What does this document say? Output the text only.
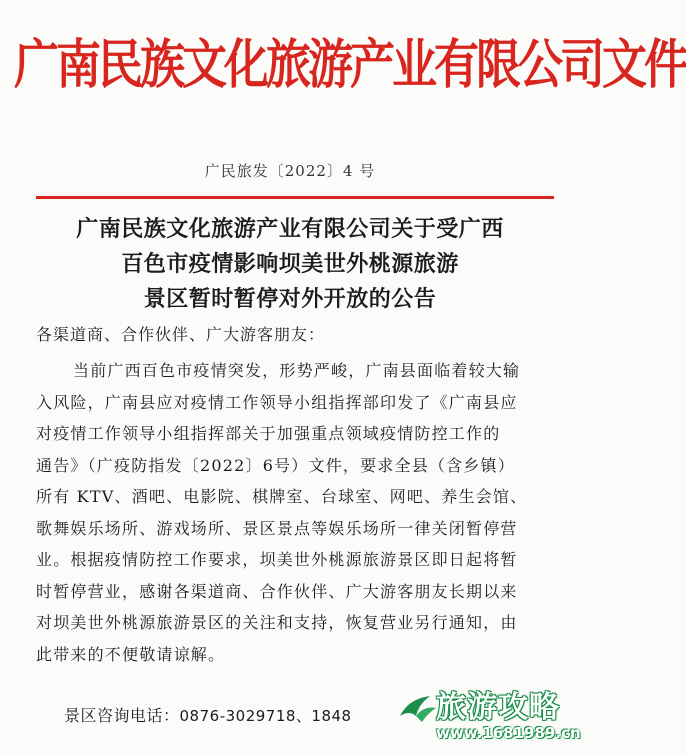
广南民族文化旅游产业有限公司文件
广民旅发〔2022〕4 号
广南民族文化旅游产业有限公司关于受广西
百色市疫情影响坝美世外桃源旅游
景区暂时暂停对外开放的公告
各渠道商、合作伙伴、广大游客朋友：
当前广西百色市疫情突发，形势严峻，广南县面临着较大输
入风险，广南县应对疫情工作领导小组指挥部印发了《广南县应
对疫情工作领导小组指挥部关于加强重点领域疫情防控工作的
通告》（广疫防指发〔2022〕6号）文件，要求全县（含乡镇）
所有 KTV、酒吧、电影院、棋牌室、台球室、网吧、养生会馆、
歌舞娱乐场所、游戏场所、景区景点等娱乐场所一律关闭暂停营
业。根据疫情防控工作要求，坝美世外桃源旅游景区即日起将暂
时暂停营业，感谢各渠道商、合作伙伴、广大游客朋友长期以来
对坝美世外桃源旅游景区的关注和支持，恢复营业另行通知，由
此带来的不便敬请谅解。
景区咨询电话：0876-3029718、1848	旅游攻略
www.1681989.cn
